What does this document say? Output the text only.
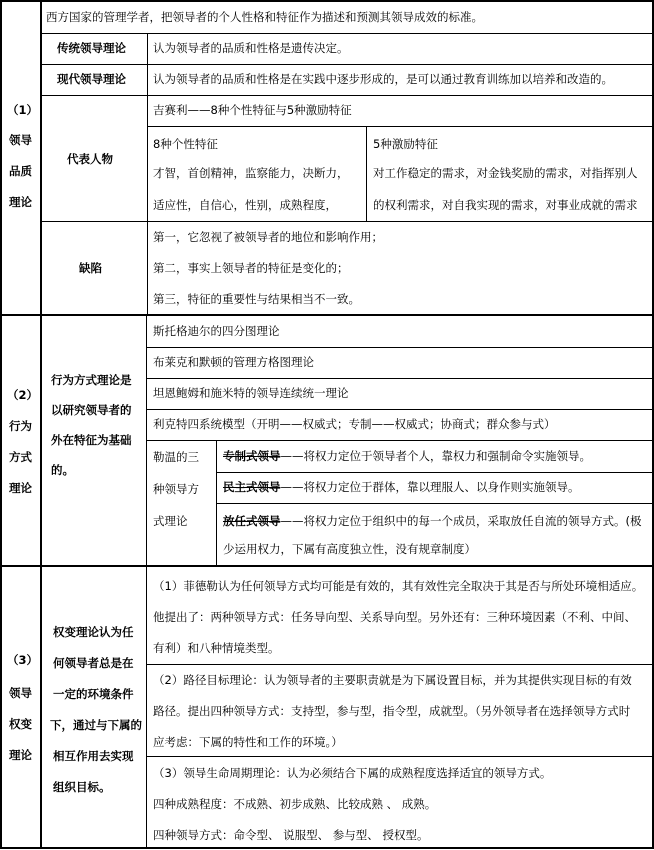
（1）
领导
品质
理论
西方国家的管理学者，把领导者的个人性格和特征作为描述和预测其领导成效的标准。
传统领导理论 认为领导者的品质和性格是遗传决定。
现代领导理论 认为领导者的品质和性格是在实践中逐步形成的，是可以通过教育训练加以培养和改造的。
代表人物
吉赛利——8种个性特征与5种激励特征
8种个性特征
才智，首创精神，监察能力，决断力，
适应性，自信心，性别，成熟程度，
5种激励特征
对工作稳定的需求，对金钱奖励的需求，对指挥别人
的权利需求，对自我实现的需求，对事业成就的需求
缺陷
第一，它忽视了被领导者的地位和影响作用；
第二，事实上领导者的特征是变化的；
第三，特征的重要性与结果相当不一致。
（2）
行为
方式
理论
行为方式理论是
以研究领导者的
外在特征为基础
的。
斯托格迪尔的四分图理论
布莱克和默顿的管理方格图理论
坦恩鲍姆和施米特的领导连续统一理论
利克特四系统模型（开明——权威式；专制——权威式；协商式；群众参与式）
勒温的三
种领导方
式理论
专制式领导——将权力定位于领导者个人，靠权力和强制命令实施领导。
民主式领导——将权力定位于群体，靠以理服人、以身作则实施领导。
放任式领导——将权力定位于组织中的每一个成员，采取放任自流的领导方式。(极
少运用权力，下属有高度独立性，没有规章制度）
（3）
领导
权变
理论
权变理论认为任
何领导者总是在
一定的环境条件
下，通过与下属的
相互作用去实现
组织目标。
（1）菲德勒认为任何领导方式均可能是有效的，其有效性完全取决于其是否与所处环境相适应。
他提出了：两种领导方式：任务导向型、关系导向型。另外还有：三种环境因素（不利、中间、
有利）和八种情境类型。
（2）路径目标理论：认为领导者的主要职责就是为下属设置目标，并为其提供实现目标的有效
路径。提出四种领导方式：支持型，参与型，指令型，成就型。（另外领导者在选择领导方式时
应考虑：下属的特性和工作的环境。）
（3）领导生命周期理论：认为必须结合下属的成熟程度选择适宜的领导方式。
四种成熟程度：不成熟、初步成熟、比较成熟 、 成熟。
四种领导方式：命令型、 说服型、 参与型、 授权型。
